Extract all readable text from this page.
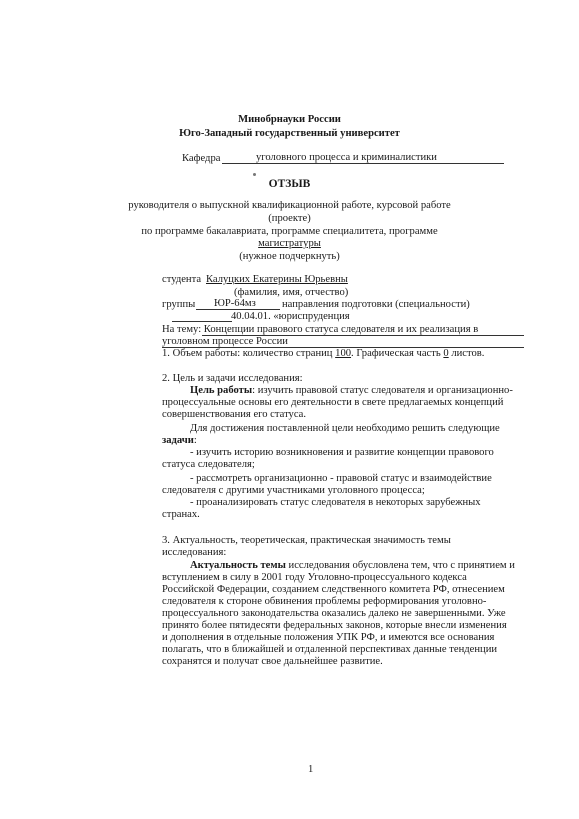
Минобрнауки России
Юго-Западный государственный университет
Кафедра	уголовного процесса и криминалистики
ОТЗЫВ
руководителя о выпускной квалификационной работе, курсовой работе
(проекте)
по программе бакалавриата, программе специалитета, программе
магистратуры
(нужное подчеркнуть)
студента Калуцких Екатерины Юрьевны
(фамилия, имя, отчество)
группы ЮР-64мз направления подготовки (специальности)
40.04.01. «юриспруденция
На тему: Концепции правового статуса следователя и их реализация в
уголовном процессе России
1. Объем работы: количество страниц 100. Графическая часть 0 листов.
2. Цель и задачи исследования:
Цель работы: изучить правовой статус следователя и организационно-
процессуальные основы его деятельности в свете предлагаемых концепций
совершенствования его статуса.
Для достижения поставленной цели необходимо решить следующие
задачи:
- изучить историю возникновения и развитие концепции правового
статуса следователя;
- рассмотреть организационно - правовой статус и взаимодействие
следователя с другими участниками уголовного процесса;
- проанализировать статус следователя в некоторых зарубежных
странах.
3. Актуальность, теоретическая, практическая значимость темы
исследования:
Актуальность темы исследования обусловлена тем, что с принятием и
вступлением в силу в 2001 году Уголовно-процессуального кодекса
Российской Федерации, созданием следственного комитета РФ, отнесением
следователя к стороне обвинения проблемы реформирования уголовно-
процессуального законодательства оказались далеко не завершенными. Уже
принято более пятидесяти федеральных законов, которые внесли изменения
и дополнения в отдельные положения УПК РФ, и имеются все основания
полагать, что в ближайшей и отдаленной перспективах данные тенденции
сохранятся и получат свое дальнейшее развитие.
1
